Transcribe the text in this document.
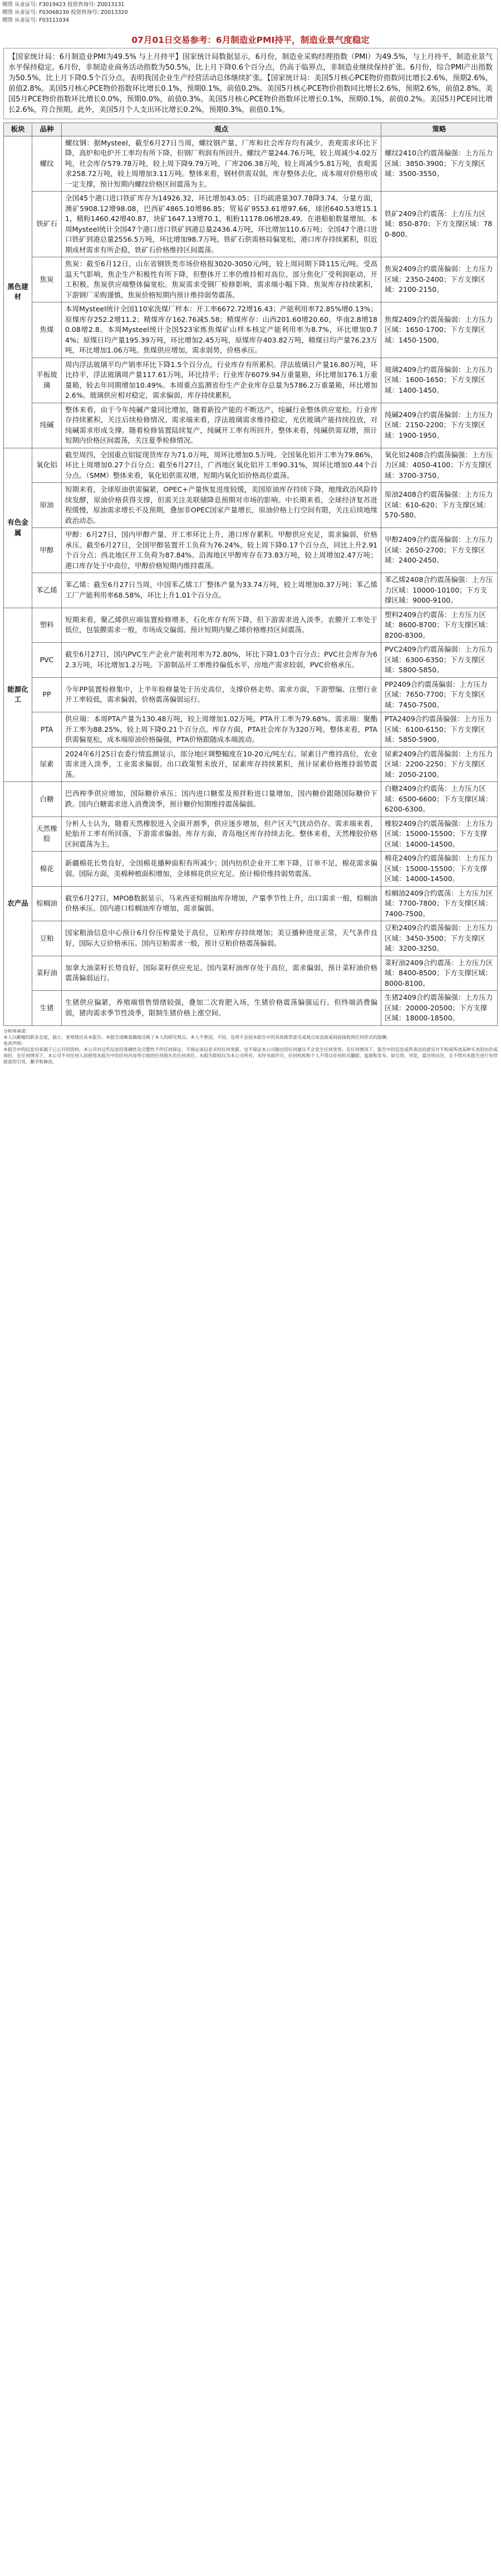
期货 从业证号: F3019423 投资咨询号: Z0013131
期货 从业证号: F03068230 投资咨询号: Z0013320
期货 从业证号: F03111034
07月01日交易参考：6月制造业PMI持平，制造业景气度稳定
【国家统计局：6月制造业PMI为49.5% 与上月持平】国家统计局数据显示，6月份，制造业采购经理指数（PMI）为49.5%，与上月持平，制造业景气水平保持稳定。6月份，非制造业商务活动指数为50.5%，比上月下降0.6个百分点，仍高于临界点，非制造业继续保持扩张。6月份，综合PMI产出指数为50.5%，比上月下降0.5个百分点，表明我国企业生产经营活动总体继续扩张。【国家统计局：美国5月核心PCE物价指数同比增长2.6%，预期2.6%，前值2.8%。美国5月核心PCE物价指数环比增长0.1%，预期0.1%，前值0.2%。美国5月核心PCE物价指数同比增长2.6%，预期2.6%，前值2.8%。美国5月PCE物价指数环比增长0.0%，预期0.0%，前值0.3%。美国5月核心PCE物价指数环比增长0.1%，预期0.1%，前值0.2%。美国5月PCE同比增长2.6%，符合预期。此外，美国5月个人支出环比增长0.2%，预期0.3%，前值0.1%。
板块	品种	观点	策略
黑色建材	螺纹	螺纹钢：据Mysteel，截至6月27日当周，螺纹钢产量、厂库和社会库存均有减少。表观需求环比下降，高炉和电炉开工率均有所下降，但钢厂利润有所回升。螺纹产量244.76万吨，较上周减少4.02万吨，社会库存579.78万吨，较上周下降9.79万吨，厂库206.38万吨，较上周减少5.81万吨，表观需求258.72万吨，较上周增加3.11万吨。整体来看，钢材供需双弱，库存整体去化，成本端对价格形成一定支撑，预计短期内螺纹价格区间震荡为主。	螺纹2410合约震荡偏强：上方压力区域：3850-3900；下方支撑区域：3500-3550。
	铁矿石	全国45个港口进口铁矿库存为14926.32，环比增加43.05；日均疏港量307.78降3.74。分量方面，澳矿5908.12增98.08，巴西矿4865.10增86.85；贸易矿9553.61增97.66，球团640.53增15.11，精粉1460.42增40.87，块矿1647.13增70.1，粗粉11178.06增28.49。在港船舶数量增加。本周Mysteel统计全国47个港口进口铁矿到港总量2436.4万吨，环比增加110.6万吨；全国47个港口进口铁矿到港总量2556.5万吨，环比增加98.7万吨。铁矿石供需格局偏宽松，港口库存持续累积，但近期成材需求有所企稳，铁矿石价格维持区间震荡。	铁矿2409合约震荡：上方压力区域：850-870；下方支撑区域：780-800。
	焦炭	焦炭：截至6月12日，山东省钢铁类市场价格报3020-3050元/吨，较上周同期下降115元/吨。受高温天气影响，焦企生产积极性有所下降，但整体开工率仍维持相对高位。部分焦化厂受利润驱动，开工积极。焦炭供应端整体偏宽松。焦炭需求受钢厂检修影响，需求端小幅下降。焦炭库存持续累积，下游钢厂采购谨慎，焦炭价格短期内预计维持弱势震荡。	焦炭2409合约震荡偏弱：上方压力区域：2350-2400；下方支撑区域：2100-2150。
	焦煤	本周Mysteel统计全国110家洗煤厂样本：开工率6672.72增16.43；产能利用率72.85%增0.13%；原煤库存252.2增11.2；精煤库存162.76减5.58；精煤库存：山西201.60增20.60，华南2.8增180.08增2.8。本周Mysteel统计全国523家炼焦煤矿山样本核定产能利用率为8.7%，环比增加0.74%；原煤日均产量195.39万吨，环比增加2.45万吨，原煤库存403.82万吨，精煤日均产量76.23万吨，环比增加1.06万吨。焦煤供应增加，需求弱势，价格承压。	焦煤2409合约震荡偏弱：上方压力区域：1650-1700；下方支撑区域：1450-1500。
	平板玻璃	周内浮法玻璃平均产销率环比下降1.5个百分点，行业库存有所累积。浮法玻璃日产量16.80万吨，环比持平，浮法玻璃周产量117.61万吨，环比持平；行业库存6079.94万重量箱，环比增加176.1万重量箱，较去年同期增加10.49%。本周重点监测省份生产企业库存总量为5786.2万重量箱，环比增加2.6%。玻璃供应相对稳定，需求偏弱，库存持续累积。	玻璃2409合约震荡偏弱：上方压力区域：1600-1650；下方支撑区域：1400-1450。
	纯碱	整体来看，由于今年纯碱产量同比增加，随着新投产能的不断达产，纯碱行业整体供应宽松。行业库存持续累积，关注后续检修情况。需求端来看，浮法玻璃需求维持稳定，光伏玻璃产能持续投放，对纯碱需求形成支撑。随着检修装置陆续复产，纯碱开工率有所回升。整体来看，纯碱供需双增，预计短期内价格区间震荡，关注夏季检修情况。	纯碱2409合约震荡偏弱：上方压力区域：2150-2200；下方支撑区域：1900-1950。
有色金属	氧化铝	截至周四，全国重点铝锭现货库存为71.0万吨，周环比增加0.5万吨。全国氧化铝开工率为79.86%，环比上周增加0.27个百分点；截至6月27日，广西地区氧化铝开工率90.31%，周环比增加0.44个百分点。（SMM）整体来看，氧化铝供需双增，短期内氧化铝价格高位震荡。	氧化铝2408合约震荡偏强：上方压力区域：4050-4100；下方支撑区域：3700-3750。
	原油	短期来看，全球原油供需偏紧，OPEC+产量恢复进度较缓，美国原油库存持续下降，地缘政治风险持续发酵，原油价格获得支撑，但需关注美联储降息预期对市场的影响。中长期来看，全球经济复苏进程缓慢，原油需求增长不及预期，叠加非OPEC国家产量增长，原油价格上行空间有限，关注后续地缘政治动态。	原油2408合约震荡偏强：上方压力区域：610-620；下方支撑区域：570-580。
	甲醇	甲醇：6月27日，国内甲醇产量、开工率环比上升，港口库存累积。甲醇供应充足，需求偏弱，价格承压。截至6月27日，全国甲醇装置开工负荷为76.24%，较上周下降0.17个百分点，同比上升2.91个百分点；西北地区开工负荷为87.84%。沿海地区甲醇库存在73.83万吨，较上周增加2.47万吨；港口库存处于中高位，甲醇价格短期内维持震荡。	甲醇2409合约震荡偏弱：上方压力区域：2650-2700；下方支撑区域：2400-2450。
	苯乙烯	苯乙烯：截至6月27日当周，中国苯乙烯工厂整体产量为33.74万吨，较上周增加0.37万吨；苯乙烯工厂产能利用率68.58%，环比上升1.01个百分点。	苯乙烯2408合约震荡偏强：上方压力区域：10000-10100；下方支撑区域：9000-9100。
能源化工	塑料	短期来看，聚乙烯供应端装置检修增多，石化库存有所下降，但下游需求进入淡季，农膜开工率处于低位，包装膜需求一般，市场成交偏弱。预计短期内聚乙烯价格维持区间震荡。	塑料2409合约震荡：上方压力区域：8600-8700；下方支撑区域：8200-8300。
	PVC	截至6月27日，国内PVC生产企业产能利用率为72.80%，环比下降1.03个百分点；PVC社会库存为62.3万吨，环比增加1.2万吨。下游制品开工率维持偏低水平，房地产需求较弱，PVC价格承压。	PVC2409合约震荡偏弱：上方压力区域：6300-6350；下方支撑区域：5800-5850。
	PP	今年PP装置检修集中，上半年检修量处于历史高位，支撑价格走势。需求方面，下游塑编、注塑行业开工率较低，需求偏弱，价格震荡偏弱运行。	PP2409合约震荡偏弱：上方压力区域：7650-7700；下方支撑区域：7450-7500。
	PTA	供应端：本周PTA产量为130.48万吨，较上周增加1.02万吨。PTA开工率为79.68%。需求端：聚酯开工率为88.25%，较上周下降0.21个百分点。库存方面，PTA社会库存为320万吨。整体来看，PTA供需偏宽松，成本端原油价格偏强，PTA价格跟随成本端波动。	PTA2409合约震荡偏强：上方压力区域：6100-6150；下方支撑区域：5850-5900。
	尿素	2024年6月25日农委行情监测显示，部分地区调整幅度在10-20元/吨左右。尿素日产维持高位，农业需求进入淡季，工业需求偏弱。出口政策暂未放开，尿素库存持续累积，预计尿素价格维持弱势震荡。	尿素2409合约震荡偏弱：上方压力区域：2200-2250；下方支撑区域：2050-2100。
农产品	白糖	巴西榨季供应增加，国际糖价承压；国内进口糖浆及预拌粉进口量增加，国内糖价跟随国际糖价下跌。国内白糖需求进入消费淡季，预计糖价短期维持震荡偏弱。	白糖2409合约震荡：上方压力区域：6500-6600；下方支撑区域：6200-6300。
	天然橡胶	分析人士认为，随着天然橡胶进入全面开割季，供应逐步增加，但产区天气扰动仍存。需求端来看，轮胎开工率有所回落，下游需求偏弱。库存方面，青岛地区库存持续去化。整体来看，天然橡胶价格区间震荡为主。	橡胶2409合约震荡偏强：上方压力区域：15000-15500；下方支撑区域：14000-14500。
	棉花	新疆棉花长势良好，全国棉花播种面积有所减少；国内纺织企业开工率下降，订单不足，棉花需求偏弱。国际方面，美棉种植面积增加，全球棉花供应充足。预计棉价维持弱势震荡。	棉花2409合约震荡偏弱：上方压力区域：15000-15500；下方支撑区域：14000-14500。
	棕榈油	截至6月27日，MPOB数据显示，马来西亚棕榈油库存增加，产量季节性上升，出口需求一般，棕榈油价格承压。国内港口棕榈油库存增加，需求偏弱。	棕榈油2409合约震荡：上方压力区域：7700-7800；下方支撑区域：7400-7500。
	豆粕	国家粮油信息中心预计6月份压榨量处于高位，豆粕库存持续增加；美豆播种进度正常，天气条件良好，国际大豆价格承压。国内豆粕需求一般，预计豆粕价格震荡偏弱。	豆粕2409合约震荡偏弱：上方压力区域：3450-3500；下方支撑区域：3200-3250。
	菜籽油	加拿大油菜籽长势良好，国际菜籽供应充足。国内菜籽油库存处于高位，需求偏弱，预计菜籽油价格震荡偏弱运行。	菜籽油2409合约震荡：上方压力区域：8400-8500；下方支撑区域：8000-8100。
	生猪	生猪供应偏紧，养殖端惜售情绪较强，叠加二次育肥入场，生猪价格震荡偏强运行。但终端消费偏弱，猪肉需求季节性淡季，限制生猪价格上涨空间。	生猪2409合约震荡偏强：上方压力区域：20000-20500；下方支撑区域：18000-18500。
分析师承诺：
本人以勤勉的职业态度，独立、客观地出具本报告。本报告清晰准确地反映了本人的研究观点。本人不曾因，不因，也将不会因本报告中的具体推荐意见或观点而直接或间接接收到任何形式的报酬。
免责声明：
本报告中的信息均来源于已公开的资料，本公司对这些信息的准确性及完整性不作任何保证，不保证该信息未经任何更新，也不保证本公司做出的任何建议不会发生任何变更。在任何情况下，报告中的信息或所表达的意见并不构成所述品种买卖的出价或询价。在任何情况下，本公司不对任何人因使用本报告中的任何内容所引致的任何损失负任何责任。本报告版权仅为本公司所有，未经书面许可，任何机构和个人不得以任何形式翻版、复制和发布。如引用、刊发，需注明出处，且不得对本报告进行有悖原意的引用、删节和修改。
